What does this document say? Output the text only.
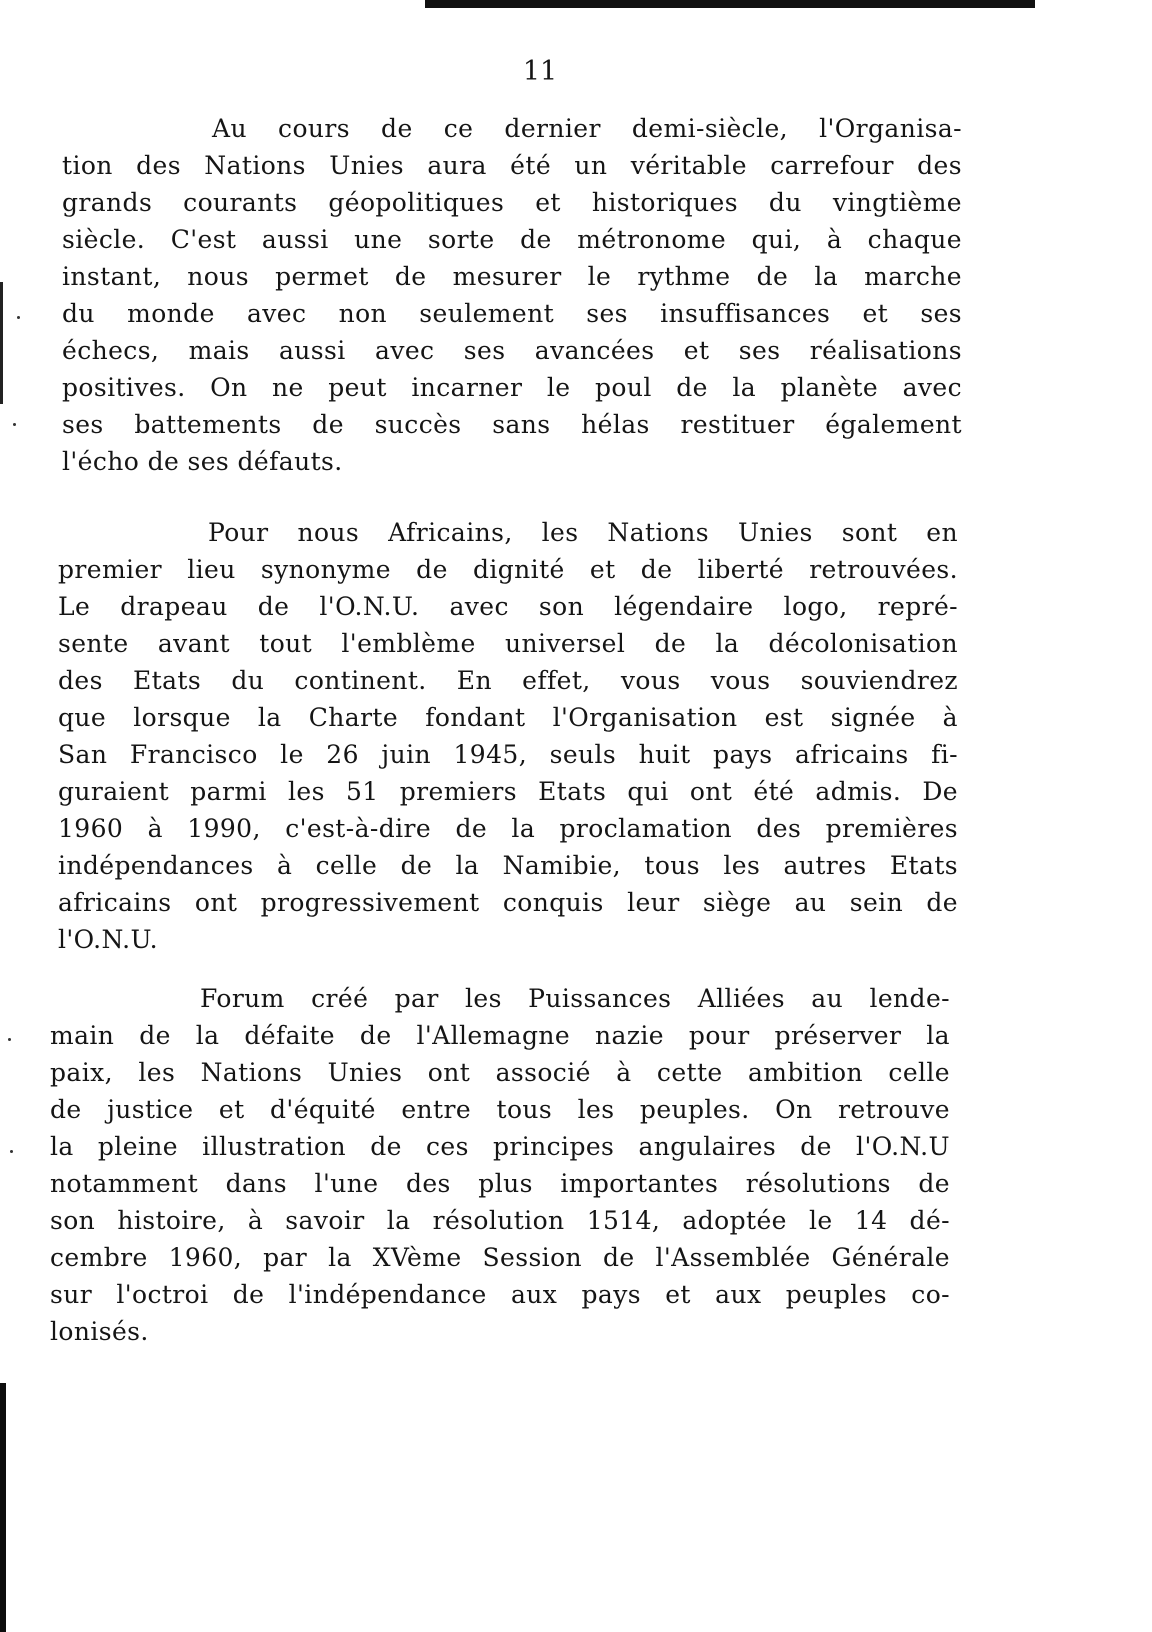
11
Au cours de ce dernier demi-siècle, l'Organisa-
tion des Nations Unies aura été un véritable carrefour des
grands courants géopolitiques et historiques du vingtième
siècle. C'est aussi une sorte de métronome qui, à chaque
instant, nous permet de mesurer le rythme de la marche
du monde avec non seulement ses insuffisances et ses
échecs, mais aussi avec ses avancées et ses réalisations
positives. On ne peut incarner le poul de la planète avec
ses battements de succès sans hélas restituer également
l'écho de ses défauts.
Pour nous Africains, les Nations Unies sont en
premier lieu synonyme de dignité et de liberté retrouvées.
Le drapeau de l'O.N.U. avec son légendaire logo, repré-
sente avant tout l'emblème universel de la décolonisation
des Etats du continent. En effet, vous vous souviendrez
que lorsque la Charte fondant l'Organisation est signée à
San Francisco le 26 juin 1945, seuls huit pays africains fi-
guraient parmi les 51 premiers Etats qui ont été admis. De
1960 à 1990, c'est-à-dire de la proclamation des premières
indépendances à celle de la Namibie, tous les autres Etats
africains ont progressivement conquis leur siège au sein de
l'O.N.U.
Forum créé par les Puissances Alliées au lende-
main de la défaite de l'Allemagne nazie pour préserver la
paix, les Nations Unies ont associé à cette ambition celle
de justice et d'équité entre tous les peuples. On retrouve
la pleine illustration de ces principes angulaires de l'O.N.U
notamment dans l'une des plus importantes résolutions de
son histoire, à savoir la résolution 1514, adoptée le 14 dé-
cembre 1960, par la XVème Session de l'Assemblée Générale
sur l'octroi de l'indépendance aux pays et aux peuples co-
lonisés.
